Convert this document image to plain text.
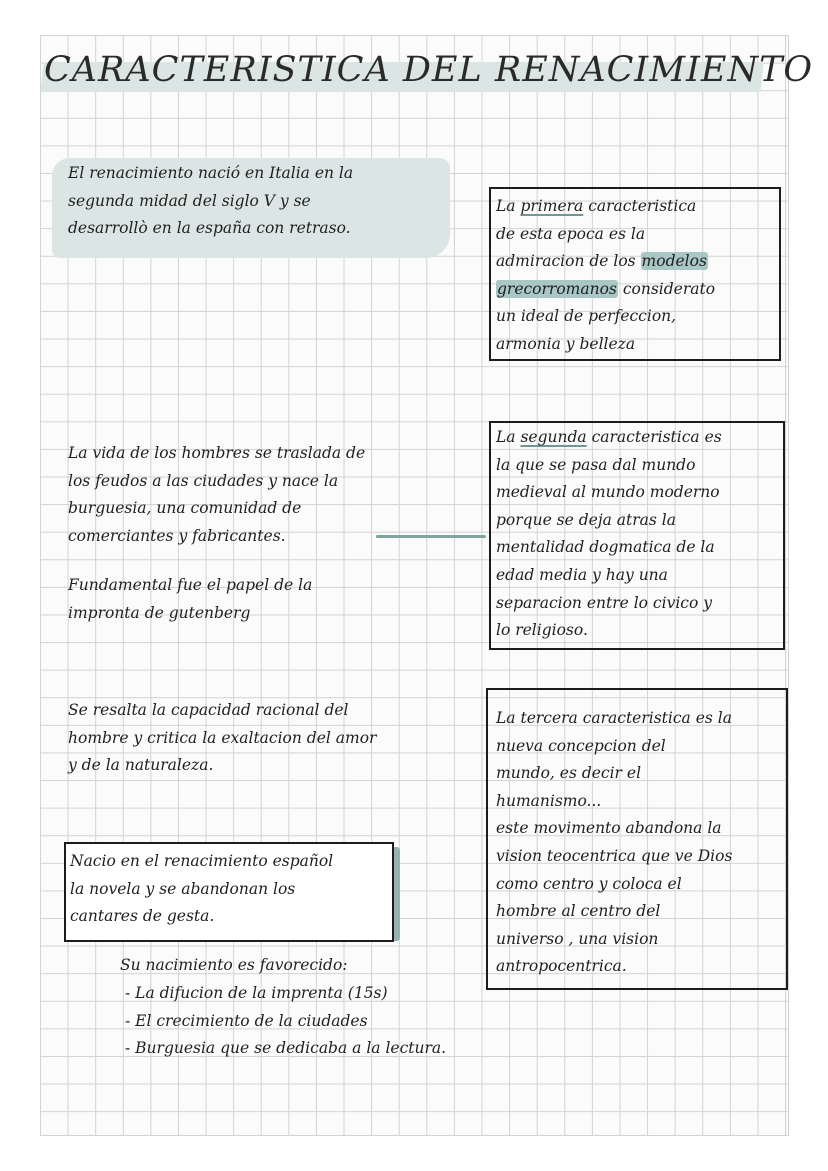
CARACTERISTICA DEL RENACIMIENTO

El renacimiento nació en Italia en la

segunda midad del siglo V y se

desarrollò en la españa con retraso.

La primera caracteristica

de esta epoca es la

admiracion de los modelos

grecorromanos considerato

un ideal de perfeccion,

armonia y belleza

La vida de los hombres se traslada de

los feudos a las ciudades y nace la

burguesia, una comunidad de

comerciantes y fabricantes.

Fundamental fue el papel de la

impronta de gutenberg

La segunda caracteristica es

la que se pasa dal mundo

medieval al mundo moderno

porque se deja atras la

mentalidad dogmatica de la

edad media y hay una

separacion entre lo civico y

lo religioso.

Se resalta la capacidad racional del

hombre y critica la exaltacion del amor

y de la naturaleza.

La tercera caracteristica es la

nueva concepcion del

mundo, es decir el

humanismo...

este movimento abandona la

vision teocentrica que ve Dios

como centro y coloca el

hombre al centro del

universo , una vision

antropocentrica.

Nacio en el renacimiento español

la novela y se abandonan los

cantares de gesta.

Su nacimiento es favorecido:
- La difucion de la imprenta (15s)
- El crecimiento de la ciudades
- Burguesia que se dedicaba a la lectura.
